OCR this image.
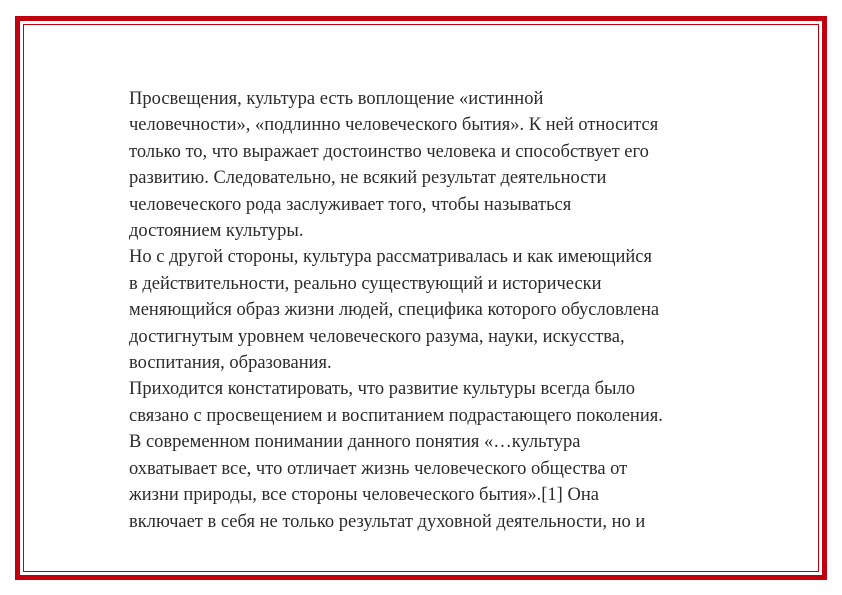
Просвещения, культура есть воплощение «истинной
человечности», «подлинно человеческого бытия». К ней относится
только то, что выражает достоинство человека и способствует его
развитию. Следовательно, не всякий результат деятельности
человеческого рода заслуживает того, чтобы называться
достоянием культуры.
Но с другой стороны, культура рассматривалась и как имеющийся
в действительности, реально существующий и исторически
меняющийся образ жизни людей, специфика которого обусловлена
достигнутым уровнем человеческого разума, науки, искусства,
воспитания, образования.
Приходится констатировать, что развитие культуры всегда было
связано с просвещением и воспитанием подрастающего поколения.
В современном понимании данного понятия «…культура
охватывает все, что отличает жизнь человеческого общества от
жизни природы, все стороны человеческого бытия».[1] Она
включает в себя не только результат духовной деятельности, но и
